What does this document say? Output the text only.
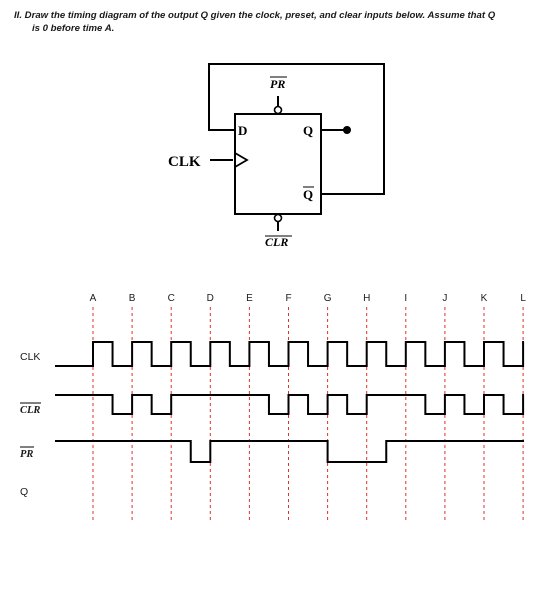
II. Draw the timing diagram of the output Q given the clock, preset, and clear inputs below. Assume that Q
is 0 before time A.
PR
D	Q
Q
CLR
CLK
A	B	C	D	E	F	G	H	I	J	K	L
CLK
CLR
PR
Q
